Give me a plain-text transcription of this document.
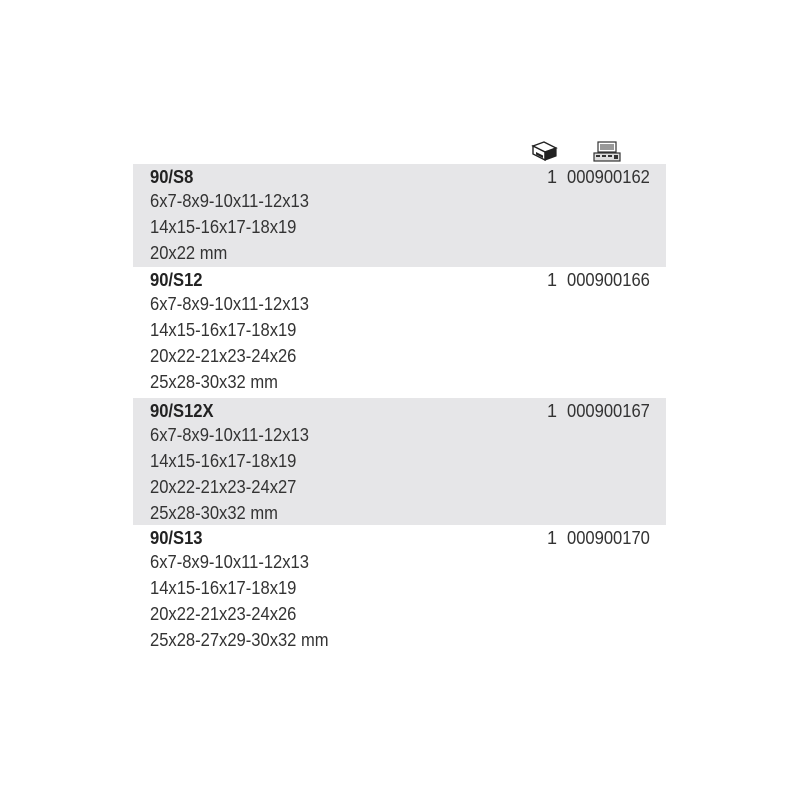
90/S8
6x7-8x9-10x11-12x13
14x15-16x17-18x19
20x22 mm
1 000900162
90/S12
6x7-8x9-10x11-12x13
14x15-16x17-18x19
20x22-21x23-24x26
25x28-30x32 mm
1 000900166
90/S12X
6x7-8x9-10x11-12x13
14x15-16x17-18x19
20x22-21x23-24x27
25x28-30x32 mm
1 000900167
90/S13
6x7-8x9-10x11-12x13
14x15-16x17-18x19
20x22-21x23-24x26
25x28-27x29-30x32 mm
1 000900170
